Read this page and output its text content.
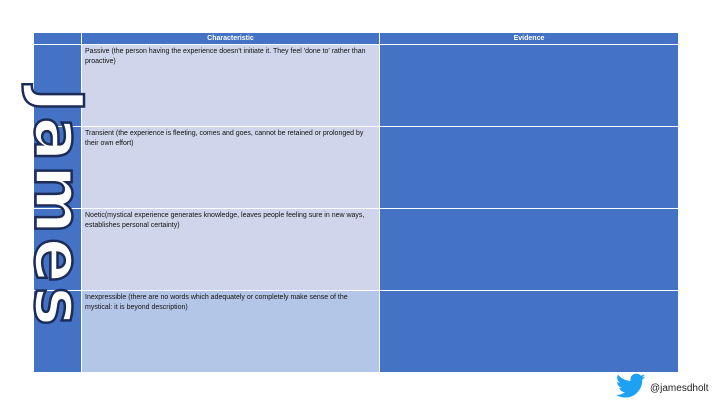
Characteristic	Evidence
Passive (the person having the experience doesn't initiate it. They feel 'done to' rather than proactive)
Transient (the experience is fleeting, comes and goes, cannot be retained or prolonged by their own effort)
Noetic(mystical experience generates knowledge, leaves people feeling sure in new ways, establishes personal certainty)
Inexpressible (there are no words which adequately or completely make sense of the mystical: it is beyond description)
James
@jamesdholt
